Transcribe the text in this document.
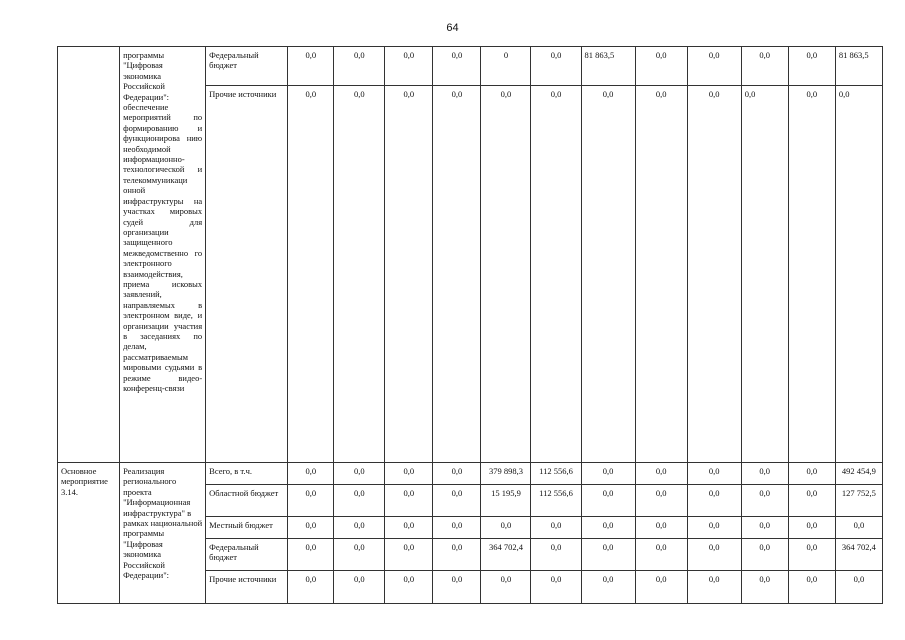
64
	программы "Цифровая экономика Российской Федерации": обеспечение мероприятий по формированию и функционирова нию необходимой информационно-технологической и телекоммуникаци онной инфраструктуры на участках мировых судей для организации защищенного межведомственно го электронного взаимодействия, приема исковых заявлений, направляемых в электронном виде, и организации участия в заседаниях по делам, рассматриваемым мировыми судьями в режиме видео-конференц-связи	Федеральный бюджет	0,0	0,0	0,0	0,0	0	0,0	81 863,5	0,0	0,0	0,0	0,0	81 863,5
		Прочие источники	0,0	0,0	0,0	0,0	0,0	0,0	0,0	0,0	0,0	0,0	0,0	0,0
Основное мероприятие 3.14.	Реализация регионального проекта "Информационная инфраструктура" в рамках национальной программы "Цифровая экономика Российской Федерации":	Всего, в т.ч.	0,0	0,0	0,0	0,0	379 898,3	112 556,6	0,0	0,0	0,0	0,0	0,0	492 454,9
		Областной бюджет	0,0	0,0	0,0	0,0	15 195,9	112 556,6	0,0	0,0	0,0	0,0	0,0	127 752,5
		Местный бюджет	0,0	0,0	0,0	0,0	0,0	0,0	0,0	0,0	0,0	0,0	0,0	0,0
		Федеральный бюджет	0,0	0,0	0,0	0,0	364 702,4	0,0	0,0	0,0	0,0	0,0	0,0	364 702,4
		Прочие источники	0,0	0,0	0,0	0,0	0,0	0,0	0,0	0,0	0,0	0,0	0,0	0,0
